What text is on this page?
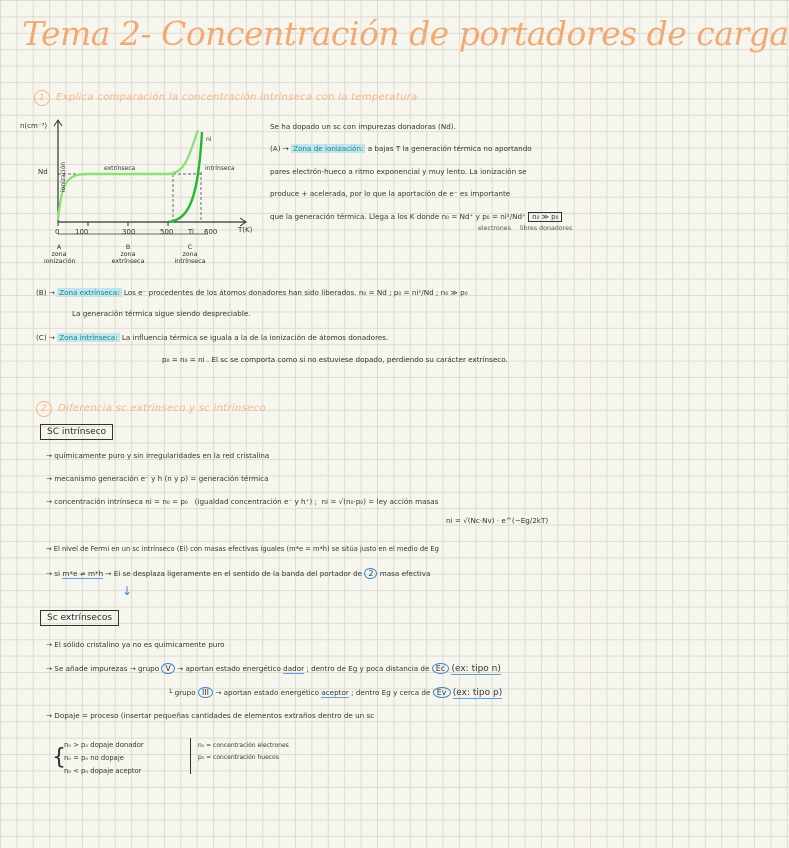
Tema 2- Concentración de portadores de carga
1 Explica comparación la concentración intrínseca con la temperatura
n(cm⁻³)
T(K)
Nd	extrínseca	intrínseca
ionización
ni
0 100	300	500 Ti 600
A
zona ionización
B
zona extrínseca
C
zona intrínseca
Se ha dopado un sc con impurezas donadoras (Nd).
(A) → Zona de ionización: a bajas T la generación térmica no aportando
pares electrón-hueco a ritmo exponencial y muy lento. La ionización se
produce + acelerada, por lo que la aportación de e⁻ es importante
que la generación térmica. Llega a los K donde n₀ = Nd⁺ y p₀ = ni²/Nd⁺ n₀ ≫ p₀
electrones libres donadores
(B) → Zona extrínseca: Los e⁻ procedentes de los átomos donadores han sido liberados. n₀ = Nd ; p₀ = ni²/Nd ; n₀ ≫ p₀
La generación térmica sigue siendo despreciable.
(C) → Zona intrínseca: La influencia térmica se iguala a la de la ionización de átomos donadores.
p₀ = n₀ = ni . El sc se comporta como si no estuviese dopado, perdiendo su carácter extrínseco.
2 Diferencia sc extrínseco y sc intrínseco
SC intrínseco
→ químicamente puro y sin irregularidades en la red cristalina
→ mecanismo generación e⁻ y h (n y p) = generación térmica
→ concentración intrínseca ni = n₀ = p₀ (igualdad concentración e⁻ y h⁺) ; ni = √(n₀·p₀) = ley acción masas
ni = √(Nc·Nv) · e^(−Eg/2kT)
→ El nivel de Fermi en un sc intrínseco (Ei) con masas efectivas iguales (m*e = m*h) se sitúa justo en el medio de Eg
→ si m*e ≠ m*h → Ei se desplaza ligeramente en el sentido de la banda del portador de 2 masa efectiva
↓
Sc extrínsecos
→ El sólido cristalino ya no es químicamente puro
→ Se añade impurezas → grupo V → aportan estado energético dador ; dentro de Eg y poca distancia de Ec (ex: tipo n)
└ grupo III → aportan estado energético aceptor ; dentro Eg y cerca de Ev (ex: tipo p)
→ Dopaje = proceso (insertar pequeñas cantidades de elementos extraños dentro de un sc
{
n₀ > p₀ dopaje donador
n₀ = p₀ no dopaje
n₀ < p₀ dopaje aceptor
n₀ = concentración electrones
p₀ = concentración huecos
